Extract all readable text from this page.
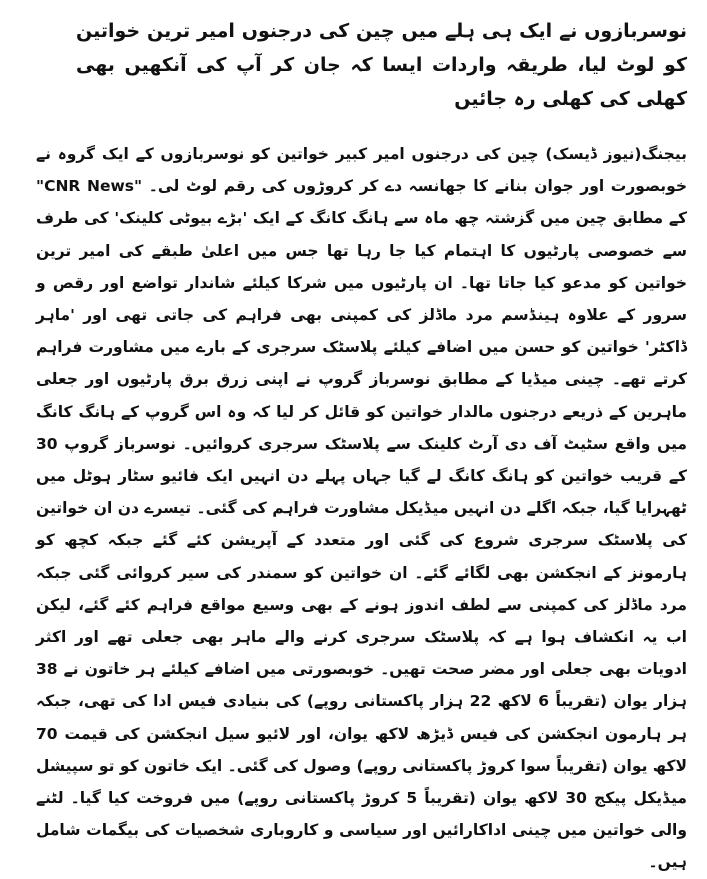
نوسربازوں نے ایک ہی ہلے میں چین کی درجنوں امیر ترین خواتین کو لوٹ لیا، طریقہ واردات ایسا کہ جان کر آپ کی آنکھیں بھی کھلی کی کھلی رہ جائیں

بیجنگ(نیوز ڈیسک) چین کی درجنوں امیر کبیر خواتین کو نوسربازوں کے ایک گروہ نے خوبصورت اور جوان بنانے کا جھانسہ دے کر کروڑوں کی رقم لوٹ لی۔ "CNR News" کے مطابق چین میں گزشتہ چھ ماہ سے ہانگ کانگ کے ایک 'بڑے بیوٹی کلینک' کی طرف سے خصوصی پارٹیوں کا اہتمام کیا جا رہا تھا جس میں اعلیٰ طبقے کی امیر ترین خواتین کو مدعو کیا جاتا تھا۔ ان پارٹیوں میں شرکا کیلئے شاندار تواضع اور رقص و سرور کے علاوہ ہینڈسم مرد ماڈلز کی کمپنی بھی فراہم کی جاتی تھی اور 'ماہر ڈاکٹر' خواتین کو حسن میں اضافے کیلئے پلاسٹک سرجری کے بارے میں مشاورت فراہم کرتے تھے۔ چینی میڈیا کے مطابق نوسرباز گروپ نے اپنی زرق برق پارٹیوں اور جعلی ماہرین کے ذریعے درجنوں مالدار خواتین کو قائل کر لیا کہ وہ اس گروپ کے ہانگ کانگ میں واقع سٹیٹ آف دی آرٹ کلینک سے پلاسٹک سرجری کروائیں۔ نوسرباز گروپ 30 کے قریب خواتین کو ہانگ کانگ لے گیا جہاں پہلے دن انہیں ایک فائیو سٹار ہوٹل میں ٹھہرایا گیا، جبکہ اگلے دن انہیں میڈیکل مشاورت فراہم کی گئی۔ تیسرے دن ان خواتین کی پلاسٹک سرجری شروع کی گئی اور متعدد کے آپریشن کئے گئے جبکہ کچھ کو ہارمونز کے انجکشن بھی لگائے گئے۔ ان خواتین کو سمندر کی سیر کروائی گئی جبکہ مرد ماڈلز کی کمپنی سے لطف اندوز ہونے کے بھی وسیع مواقع فراہم کئے گئے، لیکن اب یہ انکشاف ہوا ہے کہ پلاسٹک سرجری کرنے والے ماہر بھی جعلی تھے اور اکثر ادویات بھی جعلی اور مضر صحت تھیں۔ خوبصورتی میں اضافے کیلئے ہر خاتون نے 38 ہزار یوان (تقریباً 6 لاکھ 22 ہزار پاکستانی روپے) کی بنیادی فیس ادا کی تھی، جبکہ ہر ہارمون انجکشن کی فیس ڈیڑھ لاکھ یوان، اور لائیو سیل انجکشن کی قیمت 70 لاکھ یوان (تقریباً سوا کروڑ پاکستانی روپے) وصول کی گئی۔ ایک خاتون کو تو سپیشل میڈیکل پیکج 30 لاکھ یوان (تقریباً 5 کروڑ پاکستانی روپے) میں فروخت کیا گیا۔ لٹنے والی خواتین میں چینی اداکارائیں اور سیاسی و کاروباری شخصیات کی بیگمات شامل ہیں۔
